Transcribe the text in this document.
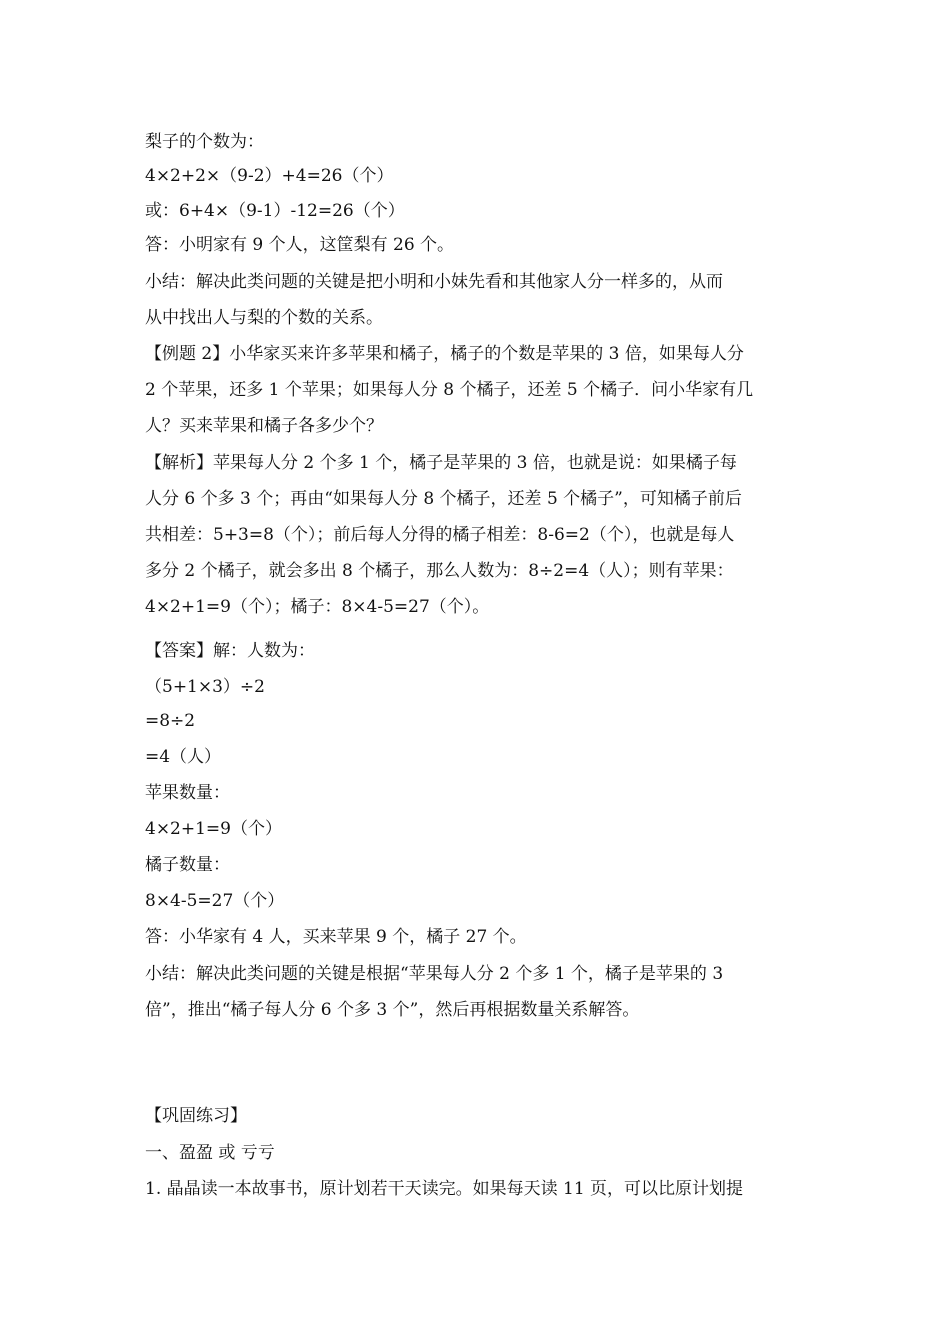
梨子的个数为：
4×2+2×（9-2）+4=26（个）
或：6+4×（9-1）-12=26（个）
答：小明家有 9 个人，这筐梨有 26 个。
小结：解决此类问题的关键是把小明和小妹先看和其他家人分一样多的，从而
从中找出人与梨的个数的关系。
【例题 2】小华家买来许多苹果和橘子，橘子的个数是苹果的 3 倍，如果每人分
2 个苹果，还多 1 个苹果；如果每人分 8 个橘子，还差 5 个橘子．问小华家有几
人？买来苹果和橘子各多少个？
【解析】苹果每人分 2 个多 1 个，橘子是苹果的 3 倍，也就是说：如果橘子每
人分 6 个多 3 个；再由“如果每人分 8 个橘子，还差 5 个橘子”，可知橘子前后
共相差：5+3=8（个）；前后每人分得的橘子相差：8-6=2（个），也就是每人
多分 2 个橘子，就会多出 8 个橘子，那么人数为：8÷2=4（人）；则有苹果：
4×2+1=9（个）；橘子：8×4-5=27（个）。
【答案】解：人数为：
（5+1×3）÷2
=8÷2
=4（人）
苹果数量：
4×2+1=9（个）
橘子数量：
8×4-5=27（个）
答：小华家有 4 人，买来苹果 9 个，橘子 27 个。
小结：解决此类问题的关键是根据“苹果每人分 2 个多 1 个，橘子是苹果的 3
倍”，推出“橘子每人分 6 个多 3 个”，然后再根据数量关系解答。
【巩固练习】
一、盈盈 或 亏亏
1. 晶晶读一本故事书，原计划若干天读完。如果每天读 11 页，可以比原计划提
